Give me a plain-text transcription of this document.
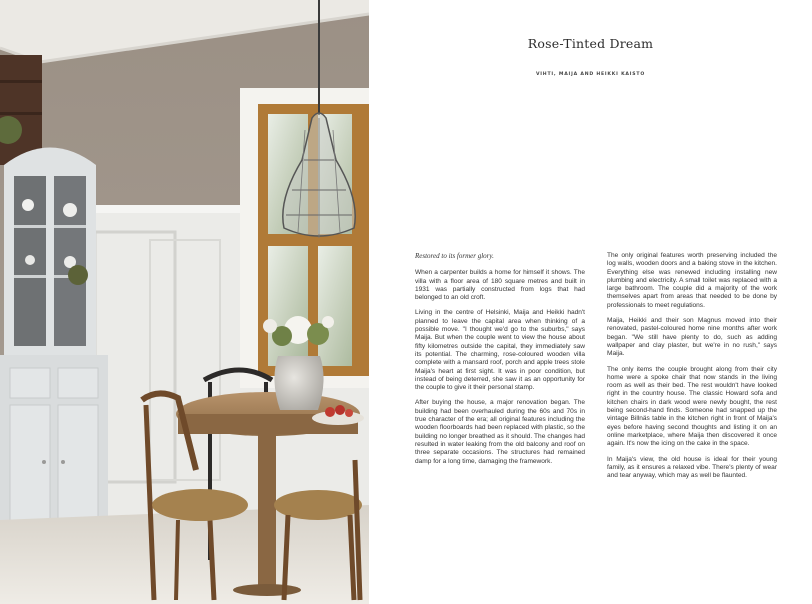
Rose-Tinted Dream
VIHTI, MAIJA AND HEIKKI KAISTO

Restored to its former glory.

When a carpenter builds a home for himself it shows. The villa with a floor area of 180 square metres and built in 1931 was partially constructed from logs that had belonged to an old croft.

Living in the centre of Helsinki, Maija and Heikki hadn't planned to leave the capital area when thinking of a possible move. "I thought we'd go to the suburbs," says Maija. But when the couple went to view the house about fifty kilometres outside the capital, they immediately saw its potential. The charming, rose-coloured wooden villa complete with a mansard roof, porch and apple trees stole Maija's heart at first sight. It was in poor condition, but instead of being deterred, she saw it as an opportunity for the couple to give it their personal stamp.

After buying the house, a major renovation began. The building had been overhauled during the 60s and 70s in true character of the era; all original features including the wooden floorboards had been replaced with plastic, so the building no longer breathed as it should. The changes had resulted in water leaking from the old balcony and roof on three separate occasions. The structures had remained damp for a long time, damaging the framework.

The only original features worth preserving included the log walls, wooden doors and a baking stove in the kitchen. Everything else was renewed including installing new plumbing and electricity. A small toilet was replaced with a large bathroom. The couple did a majority of the work themselves apart from areas that needed to be done by professionals to meet regulations.

Maija, Heikki and their son Magnus moved into their renovated, pastel-coloured home nine months after work began. "We still have plenty to do, such as adding wallpaper and clay plaster, but we're in no rush," says Maija.

The only items the couple brought along from their city home were a spoke chair that now stands in the living room as well as their bed. The rest wouldn't have looked right in the country house. The classic Howard sofa and kitchen chairs in dark wood were newly bought, the rest being second-hand finds. Someone had snapped up the vintage Billnäs table in the kitchen right in front of Maija's eyes before having second thoughts and listing it on an online marketplace, where Maija then discovered it once again. It's now the icing on the cake in the space.

In Maija's view, the old house is ideal for their young family, as it ensures a relaxed vibe. There's plenty of wear and tear anyway, which may as well be flaunted.
